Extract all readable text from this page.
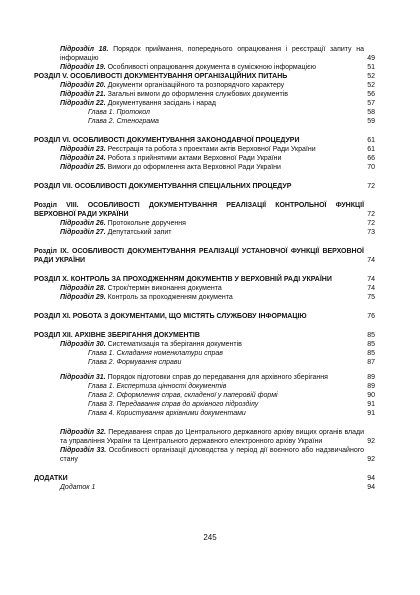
Підрозділ 18. Порядок приймання, попереднього опрацювання і реєстрації запиту на інформацію	49
Підрозділ 19. Особливості опрацювання документа в сумісжною інформацією	51
РОЗДІЛ V. ОСОБЛИВОСТІ ДОКУМЕНТУВАННЯ ОРГАНІЗАЦІЙНИХ ПИТАНЬ	52
Підрозділ 20. Документи організаційного та розпорядчого характеру	52
Підрозділ 21. Загальні вимоги до оформлення службових документів	56
Підрозділ 22. Документування засідань і нарад	57
Глава 1. Протокол	58
Глава 2. Стенограма	59
РОЗДІЛ VI. ОСОБЛИВОСТІ ДОКУМЕНТУВАННЯ ЗАКОНОДАВЧОЇ ПРОЦЕДУРИ	61
Підрозділ 23. Реєстрація та робота з проектами актів Верховної Ради України	61
Підрозділ 24. Робота з прийнятими актами Верховної Ради України	66
Підрозділ 25. Вимоги до оформлення акта Верховної Ради України	70
РОЗДІЛ VII. ОСОБЛИВОСТІ ДОКУМЕНТУВАННЯ СПЕЦІАЛЬНИХ ПРОЦЕДУР	72
Розділ VIII. ОСОБЛИВОСТІ ДОКУМЕНТУВАННЯ РЕАЛІЗАЦІЇ КОНТРОЛЬНОЇ ФУНКЦІЇ ВЕРХОВНОЇ РАДИ УКРАЇНИ	72
Підрозділ 26. Протокольне доручення	72
Підрозділ 27. Депутатський запит	73
Розділ IX. ОСОБЛИВОСТІ ДОКУМЕНТУВАННЯ РЕАЛІЗАЦІЇ УСТАНОВЧОЇ ФУНКЦІЇ ВЕРХОВНОЇ РАДИ УКРАЇНИ	74
РОЗДІЛ X. КОНТРОЛЬ ЗА ПРОХОДЖЕННЯМ ДОКУМЕНТІВ У ВЕРХОВНІЙ РАДІ УКРАЇНИ	74
Підрозділ 28. Строк/термін виконання документа	74
Підрозділ 29. Контроль за проходженням документа	75
РОЗДІЛ XI. РОБОТА З ДОКУМЕНТАМИ, ЩО МІСТЯТЬ СЛУЖБОВУ ІНФОРМАЦІЮ	76
РОЗДІЛ XII. АРХІВНЕ ЗБЕРІГАННЯ ДОКУМЕНТІВ	85
Підрозділ 30. Систематизація та зберігання документів	85
Глава 1. Складання номенклатури справ	85
Глава 2. Формування справи	87
Підрозділ 31. Порядок підготовки справ до передавання для архівного зберігання	89
Глава 1. Експертиза цінності документів	89
Глава 2. Оформлення справ, складеної у паперовій формі	90
Глава 3. Передавання справ до архівного підрозділу	91
Глава 4. Користування архівними документами	91
Підрозділ 32. Передавання справ до Центрального державного архіву вищих органів влади та управління України та Центрального державного електронного архіву України	92
Підрозділ 33. Особливості організації діловодства у період дії воєнного або надзвичайного стану	92
ДОДАТКИ	94
Додаток 1	94
245
